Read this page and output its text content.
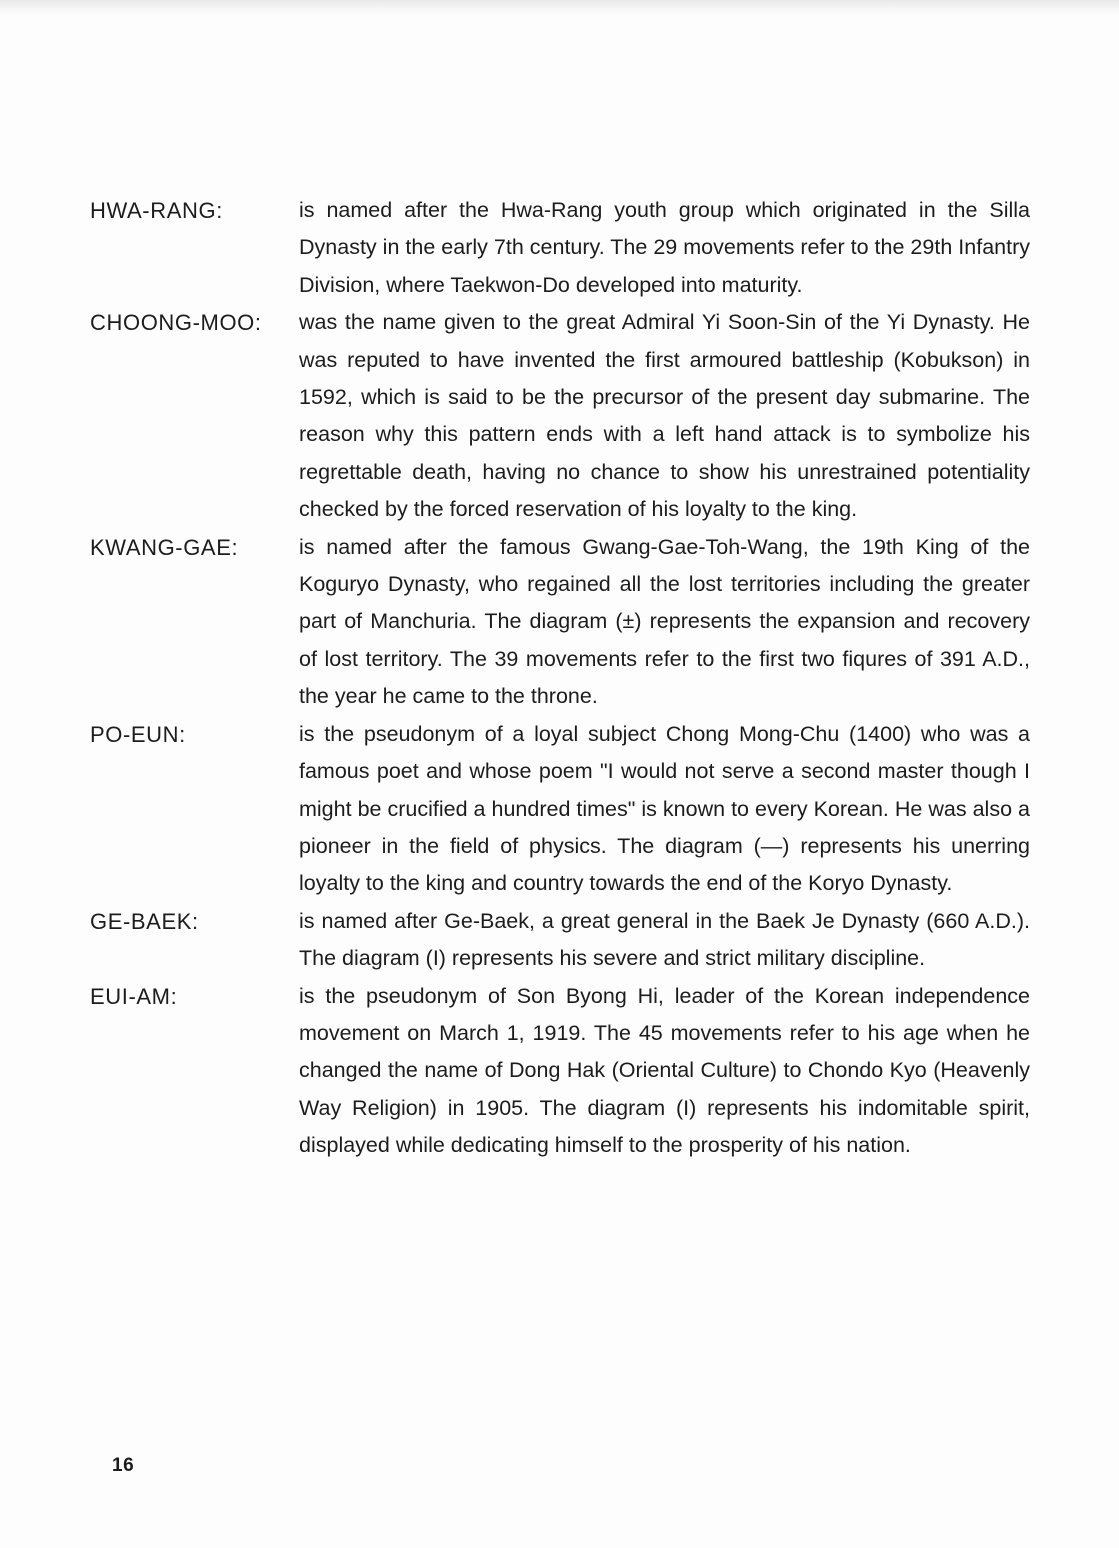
HWA-RANG:	is named after the Hwa-Rang youth group which originated in the Silla Dynasty in the early 7th century. The 29 movements refer to the 29th Infantry Division, where Taekwon-Do developed into maturity.
CHOONG-MOO: was the name given to the great Admiral Yi Soon-Sin of the Yi Dynasty. He was reputed to have invented the first armoured battleship (Kobukson) in 1592, which is said to be the precursor of the present day submarine. The reason why this pattern ends with a left hand attack is to symbolize his regrettable death, having no chance to show his unrestrained potentiality checked by the forced reservation of his loyalty to the king.
KWANG-GAE:	is named after the famous Gwang-Gae-Toh-Wang, the 19th King of the Koguryo Dynasty, who regained all the lost territories including the greater part of Manchuria. The diagram (±) represents the expansion and recovery of lost territory. The 39 movements refer to the first two fiqures of 391 A.D., the year he came to the throne.
PO-EUN:	is the pseudonym of a loyal subject Chong Mong-Chu (1400) who was a famous poet and whose poem "I would not serve a second master though I might be crucified a hundred times" is known to every Korean. He was also a pioneer in the field of physics. The diagram (—) represents his unerring loyalty to the king and country towards the end of the Koryo Dynasty.
GE-BAEK:	is named after Ge-Baek, a great general in the Baek Je Dynasty (660 A.D.). The diagram (I) represents his severe and strict military discipline.
EUI-AM:	is the pseudonym of Son Byong Hi, leader of the Korean independence movement on March 1, 1919. The 45 movements refer to his age when he changed the name of Dong Hak (Oriental Culture) to Chondo Kyo (Heavenly Way Religion) in 1905. The diagram (I) represents his indomitable spirit, displayed while dedicating himself to the prosperity of his nation.
16
